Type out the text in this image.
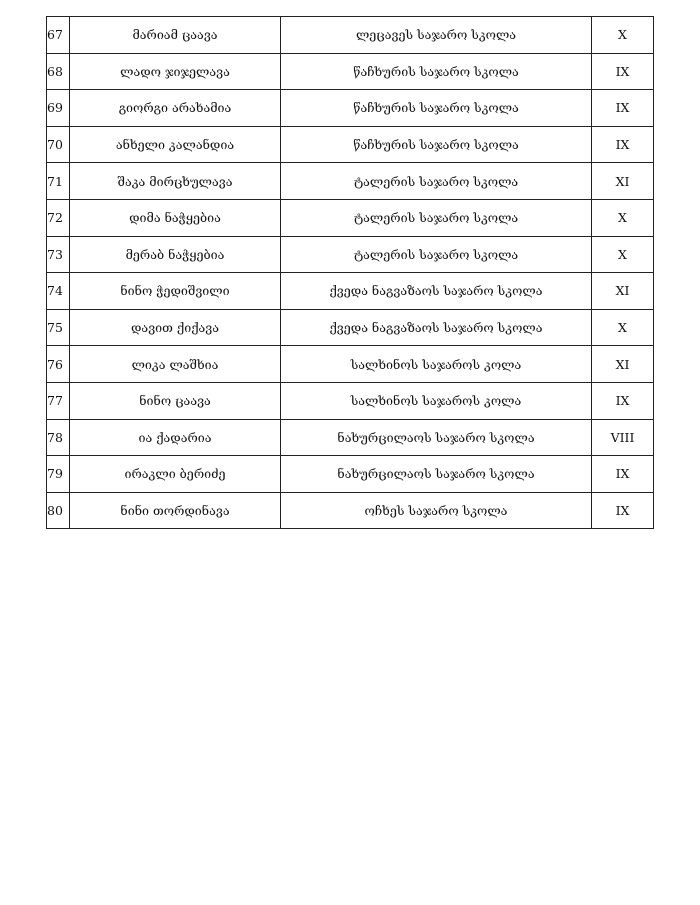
67	მარიამ ცაავა	ლეცავეს საჯარო სკოლა	X
68	ლადო ჯიჯელავა	წაჩხურის საჯარო სკოლა	IX
69	გიორგი არახამია	წაჩხურის საჯარო სკოლა	IX
70	ანხელი კალანდია	წაჩხურის საჯარო სკოლა	IX
71	შაკა მირცხულავა	ტალერის საჯარო სკოლა	XI
72	დიმა ნაჭყებია	ტალერის საჯარო სკოლა	X
73	მერაბ ნაჭყებია	ტალერის საჯარო სკოლა	X
74	ნინო ჭედიშვილი	ქვედა ნაგვაზაოს საჯარო სკოლა	XI
75	დავით ქიქავა	ქვედა ნაგვაზაოს საჯარო სკოლა	X
76	ლიკა ლაშხია	სალხინოს საჯაროს კოლა	XI
77	ნინო ცაავა	სალხინოს საჯაროს კოლა	IX
78	ია ქადარია	ნახურცილაოს საჯარო სკოლა	VIII
79	ირაკლი ბერიძე	ნახურცილაოს საჯარო სკოლა	IX
80	ნინი თორდინავა	ოჩხეს საჯარო სკოლა	IX
